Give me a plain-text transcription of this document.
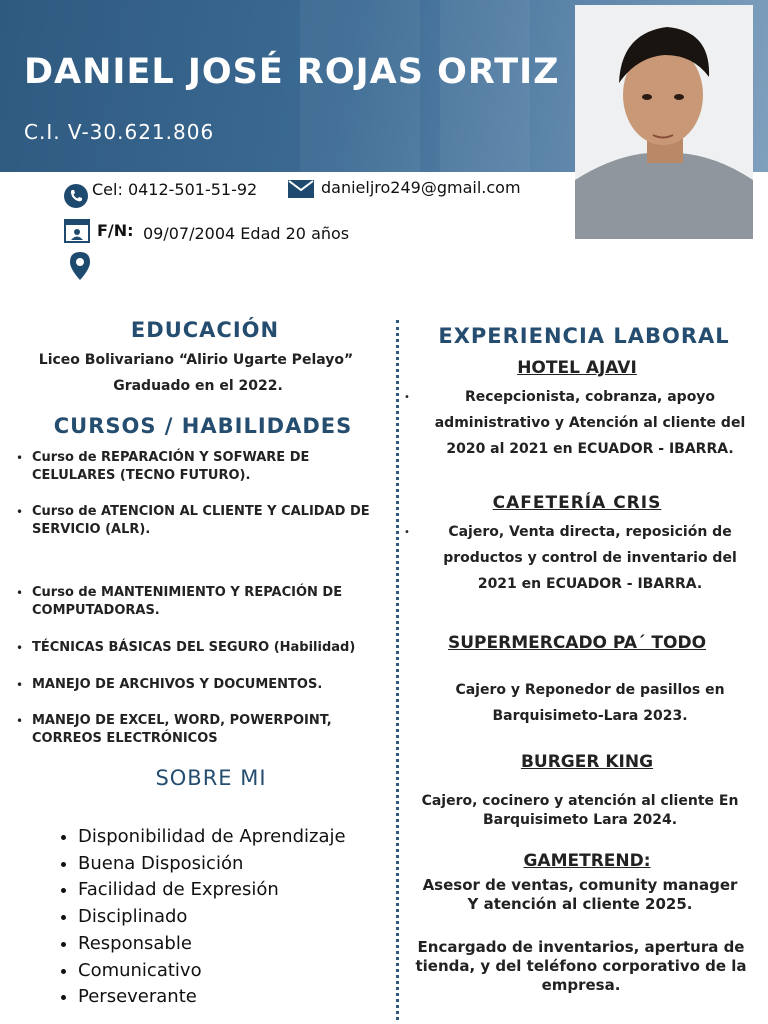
DANIEL JOSÉ ROJAS ORTIZ
C.I. V-30.621.806
Cel: 0412-501-51-92	danieljro249@gmail.com
F/N: 09/07/2004 Edad 20 años
EDUCACIÓN
Liceo Bolivariano “Alirio Ugarte Pelayo”
Graduado en el 2022.
CURSOS / HABILIDADES
• Curso de REPARACIÓN Y SOFWARE DE CELULARES (TECNO FUTURO).
• Curso de ATENCION AL CLIENTE Y CALIDAD DE SERVICIO (ALR).
• Curso de MANTENIMIENTO Y REPACIÓN DE COMPUTADORAS.
• TÉCNICAS BÁSICAS DEL SEGURO (Habilidad)
• MANEJO DE ARCHIVOS Y DOCUMENTOS.
• MANEJO DE EXCEL, WORD, POWERPOINT, CORREOS ELECTRÓNICOS
SOBRE MI
• Disponibilidad de Aprendizaje
• Buena Disposición
• Facilidad de Expresión
• Disciplinado
• Responsable
• Comunicativo
• Perseverante
EXPERIENCIA LABORAL
HOTEL AJAVI
•	Recepcionista, cobranza, apoyo administrativo y Atención al cliente del 2020 al 2021 en ECUADOR - IBARRA.
CAFETERÍA CRIS
•	Cajero, Venta directa, reposición de productos y control de inventario del 2021 en ECUADOR - IBARRA.
SUPERMERCADO PA´ TODO
Cajero y Reponedor de pasillos en Barquisimeto-Lara 2023.
BURGER KING
Cajero, cocinero y atención al cliente En Barquisimeto Lara 2024.
GAMETREND:
Asesor de ventas, comunity manager Y atención al cliente 2025.
Encargado de inventarios, apertura de tienda, y del teléfono corporativo de la empresa.
